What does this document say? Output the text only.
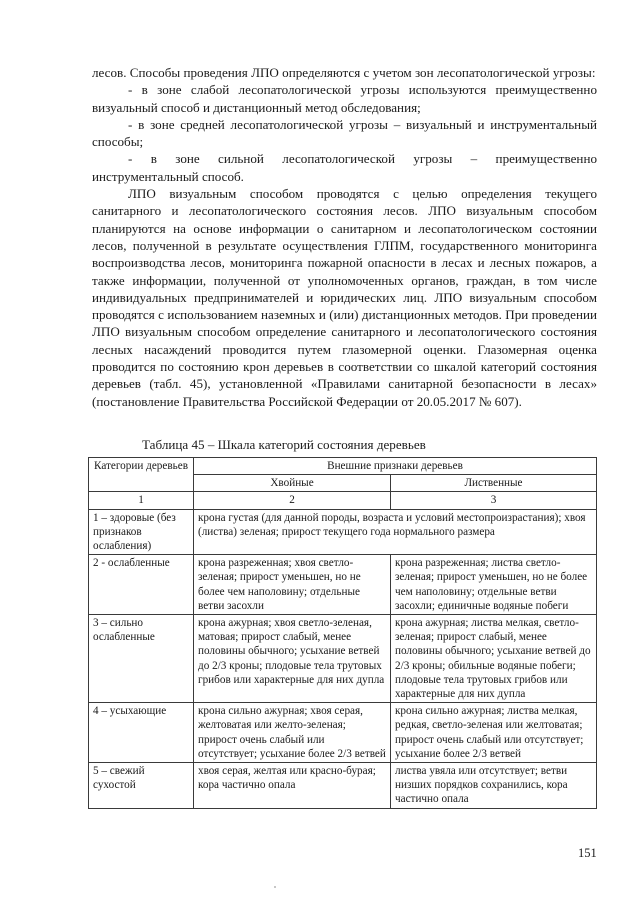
лесов. Способы проведения ЛПО определяются с учетом зон лесопатологической угрозы:

- в зоне слабой лесопатологической угрозы используются преимущественно визуальный способ и дистанционный метод обследования;

- в зоне средней лесопатологической угрозы – визуальный и инструментальный способы;

- в зоне сильной лесопатологической угрозы – преимущественно инструментальный способ.

ЛПО визуальным способом проводятся с целью определения текущего санитарного и лесопатологического состояния лесов. ЛПО визуальным способом планируются на основе информации о санитарном и лесопатологическом состоянии лесов, полученной в результате осуществления ГЛПМ, государственного мониторинга воспроизводства лесов, мониторинга пожарной опасности в лесах и лесных пожаров, а также информации, полученной от уполномоченных органов, граждан, в том числе индивидуальных предпринимателей и юридических лиц. ЛПО визуальным способом проводятся с использованием наземных и (или) дистанционных методов. При проведении ЛПО визуальным способом определение санитарного и лесопатологического состояния лесных насаждений проводится путем глазомерной оценки. Глазомерная оценка проводится по состоянию крон деревьев в соответствии со шкалой категорий состояния деревьев (табл. 45), установленной «Правилами санитарной безопасности в лесах» (постановление Правительства Российской Федерации от 20.05.2017 № 607).

Таблица 45 – Шкала категорий состояния деревьев
Категории деревьев	Внешние признаки деревьев	
	Хвойные	Лиственные
1	2	3
1 – здоровые (без признаков ослабления)	крона густая (для данной породы, возраста и условий местопроизрастания); хвоя (листва) зеленая; прирост текущего года нормального размера	
2 - ослабленные	крона разреженная; хвоя светло-зеленая; прирост уменьшен, но не более чем наполовину; отдельные ветви засохли	крона разреженная; листва светло-зеленая; прирост уменьшен, но не более чем наполовину; отдельные ветви засохли; единичные водяные побеги
3 – сильно ослабленные	крона ажурная; хвоя светло-зеленая, матовая; прирост слабый, менее половины обычного; усыхание ветвей до 2/3 кроны; плодовые тела трутовых грибов или характерные для них дупла	крона ажурная; листва мелкая, светло-зеленая; прирост слабый, менее половины обычного; усыхание ветвей до 2/3 кроны; обильные водяные побеги; плодовые тела трутовых грибов или характерные для них дупла
4 – усыхающие	крона сильно ажурная; хвоя серая, желтоватая или желто-зеленая; прирост очень слабый или отсутствует; усыхание более 2/3 ветвей	крона сильно ажурная; листва мелкая, редкая, светло-зеленая или желтоватая; прирост очень слабый или отсутствует; усыхание более 2/3 ветвей
5 – свежий сухостой	хвоя серая, желтая или красно-бурая; кора частично опала	листва увяла или отсутствует; ветви низших порядков сохранились, кора частично опала
151
